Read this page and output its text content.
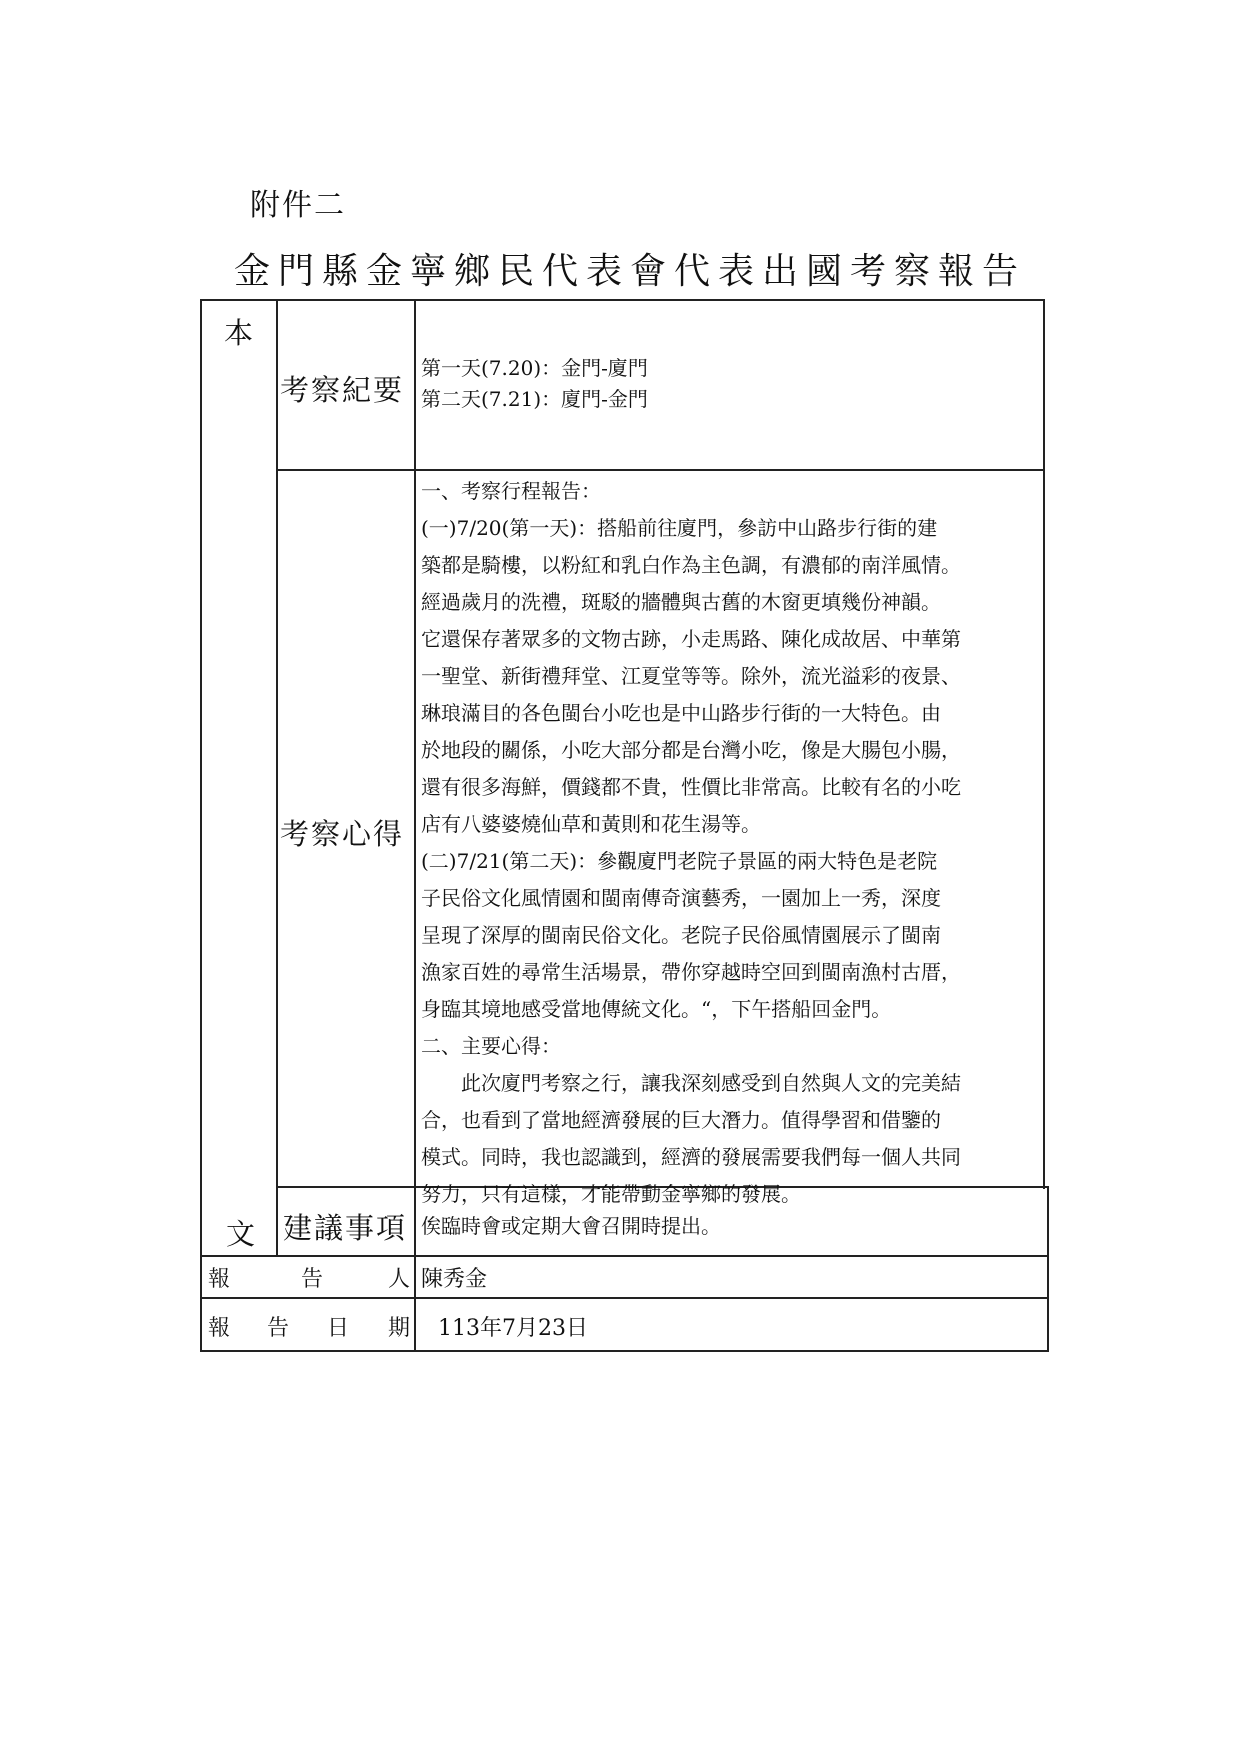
附件二
金門縣金寧鄉民代表會代表出國考察報告
本
文
考察紀要
第一天(7.20)：金門-廈門
第二天(7.21)：廈門-金門
考察心得
一、考察行程報告：
(一)7/20(第一天)：搭船前往廈門，參訪中山路步行街的建
築都是騎樓，以粉紅和乳白作為主色調，有濃郁的南洋風情。
經過歲月的洗禮，斑駁的牆體與古舊的木窗更填幾份神韻。
它還保存著眾多的文物古跡，小走馬路、陳化成故居、中華第
一聖堂、新街禮拜堂、江夏堂等等。除外，流光溢彩的夜景、
琳琅滿目的各色閩台小吃也是中山路步行街的一大特色。由
於地段的關係，小吃大部分都是台灣小吃，像是大腸包小腸，
還有很多海鮮，價錢都不貴，性價比非常高。比較有名的小吃
店有八婆婆燒仙草和黃則和花生湯等。
(二)7/21(第二天)：參觀廈門老院子景區的兩大特色是老院
子民俗文化風情園和閩南傳奇演藝秀，一園加上一秀，深度
呈現了深厚的閩南民俗文化。老院子民俗風情園展示了閩南
漁家百姓的尋常生活場景，帶你穿越時空回到閩南漁村古厝，
身臨其境地感受當地傳統文化。“，下午搭船回金門。
二、主要心得：
此次廈門考察之行，讓我深刻感受到自然與人文的完美結
合，也看到了當地經濟發展的巨大潛力。值得學習和借鑒的
模式。同時，我也認識到，經濟的發展需要我們每一個人共同
努力，只有這樣，才能帶動金寧鄉的發展。
建議事項 俟臨時會或定期大會召開時提出。
報	告	人 陳秀金
報 告 日 期 113年7月23日
